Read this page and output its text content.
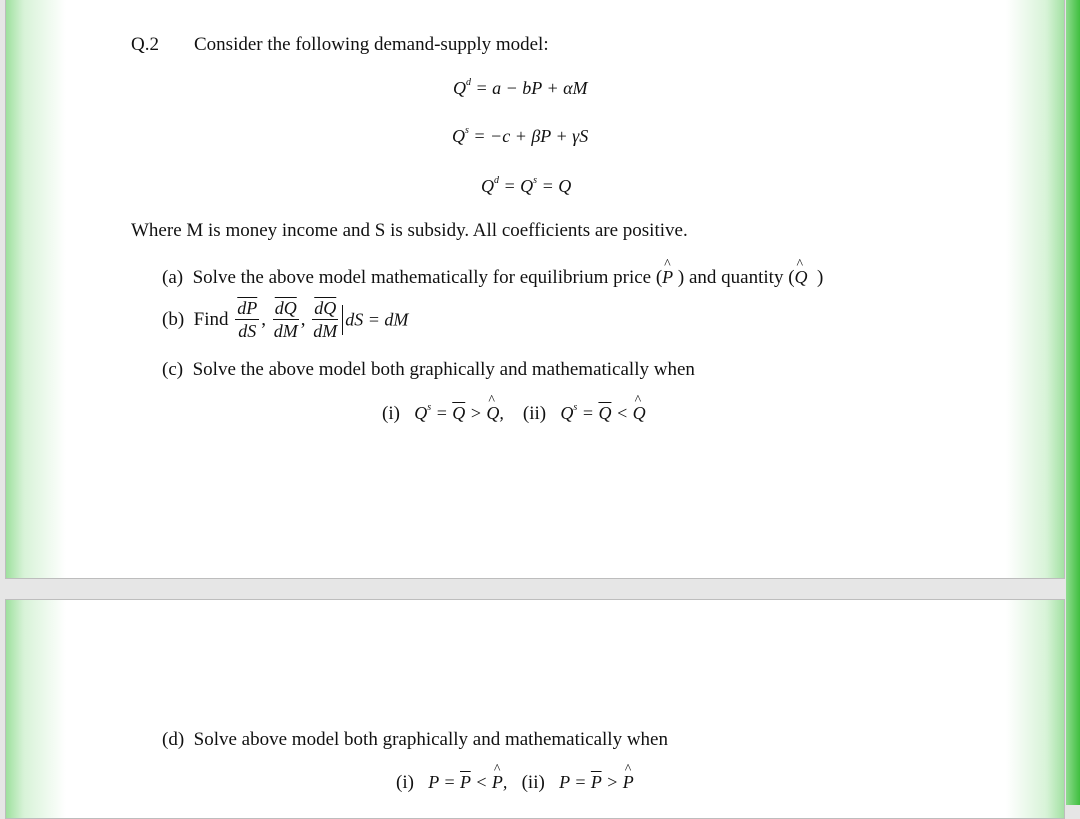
Q.2 Consider the following demand-supply model:
$Q^d = a$ − bP + αM
$Q^s = -c + \beta P + \gamma S$
$Q^d = Q^s = Q$
Where M is money income and S is subsidy. All coefficients are positive.
(a) Solve the above model mathematically for equilibrium price (^ P ) and quantity (^ Q )
(b) Find $\frac{\overline{dP}}{dS}$ , $\frac{\overline{dQ}}{dM}$ , $\frac{\overline{dQ}}{dM}$ dS = dM
(c) Solve the above model both graphically and mathematically when
(i) $Q^s = \overline{Q}$ > ^ Q, (ii) $Q^s = \overline{Q}$ < ^ Q
(d) Solve above model both graphically and mathematically when
(i) $P = \overline{P}$ < ^ P, (ii) $P = \overline{P}$ > ^ P
